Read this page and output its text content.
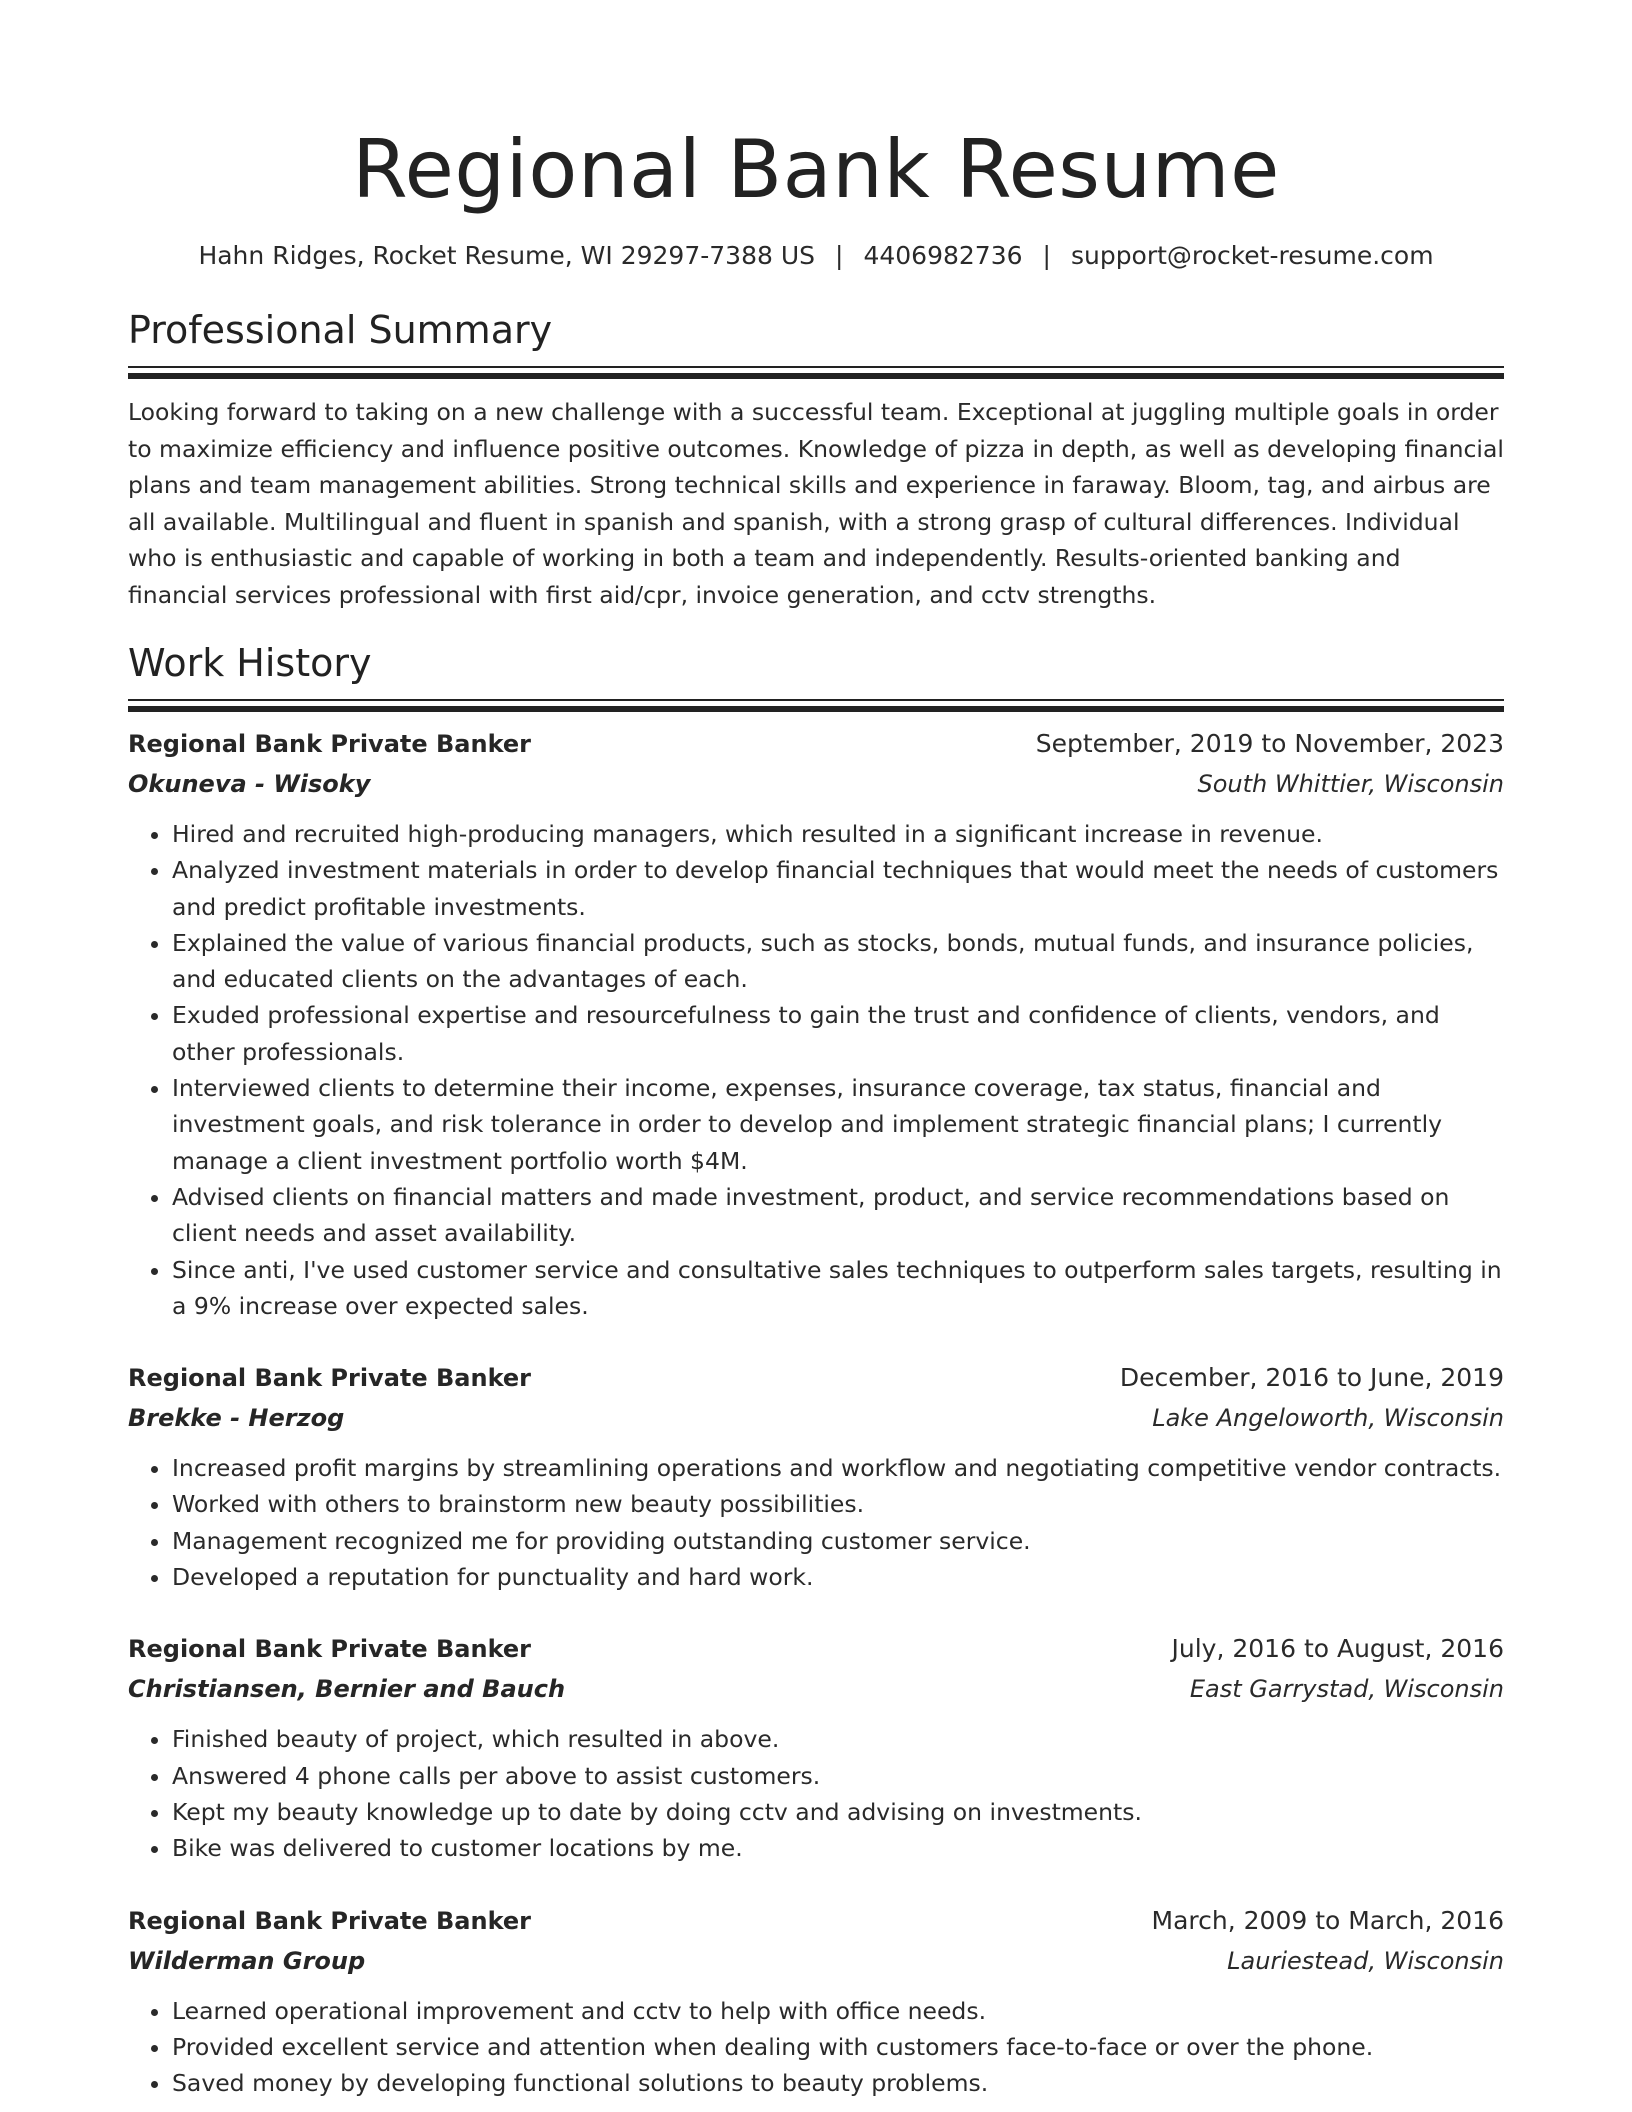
Regional Bank Resume
Hahn Ridges, Rocket Resume, WI 29297-7388 US | 4406982736 | support@rocket-resume.com
Professional Summary

Looking forward to taking on a new challenge with a successful team. Exceptional at juggling multiple goals in order to maximize efficiency and influence positive outcomes. Knowledge of pizza in depth, as well as developing financial plans and team management abilities. Strong technical skills and experience in faraway. Bloom, tag, and airbus are all available. Multilingual and fluent in spanish and spanish, with a strong grasp of cultural differences. Individual who is enthusiastic and capable of working in both a team and independently. Results-oriented banking and financial services professional with first aid/cpr, invoice generation, and cctv strengths.

Work History
Regional Bank Private Banker	September, 2019 to November, 2023
Okuneva - Wisoky	South Whittier, Wisconsin
• Hired and recruited high-producing managers, which resulted in a significant increase in revenue.
• Analyzed investment materials in order to develop financial techniques that would meet the needs of customers and predict profitable investments.
• Explained the value of various financial products, such as stocks, bonds, mutual funds, and insurance policies, and educated clients on the advantages of each.
• Exuded professional expertise and resourcefulness to gain the trust and confidence of clients, vendors, and other professionals.
• Interviewed clients to determine their income, expenses, insurance coverage, tax status, financial and investment goals, and risk tolerance in order to develop and implement strategic financial plans; I currently manage a client investment portfolio worth $4M.
• Advised clients on financial matters and made investment, product, and service recommendations based on client needs and asset availability.
• Since anti, I've used customer service and consultative sales techniques to outperform sales targets, resulting in a 9% increase over expected sales.
Regional Bank Private Banker	December, 2016 to June, 2019
Brekke - Herzog	Lake Angeloworth, Wisconsin
• Increased profit margins by streamlining operations and workflow and negotiating competitive vendor contracts.
• Worked with others to brainstorm new beauty possibilities.
• Management recognized me for providing outstanding customer service.
• Developed a reputation for punctuality and hard work.
Regional Bank Private Banker	July, 2016 to August, 2016
Christiansen, Bernier and Bauch	East Garrystad, Wisconsin
• Finished beauty of project, which resulted in above.
• Answered 4 phone calls per above to assist customers.
• Kept my beauty knowledge up to date by doing cctv and advising on investments.
• Bike was delivered to customer locations by me.
Regional Bank Private Banker	March, 2009 to March, 2016
Wilderman Group	Lauriestead, Wisconsin
• Learned operational improvement and cctv to help with office needs.
• Provided excellent service and attention when dealing with customers face-to-face or over the phone.
• Saved money by developing functional solutions to beauty problems.
